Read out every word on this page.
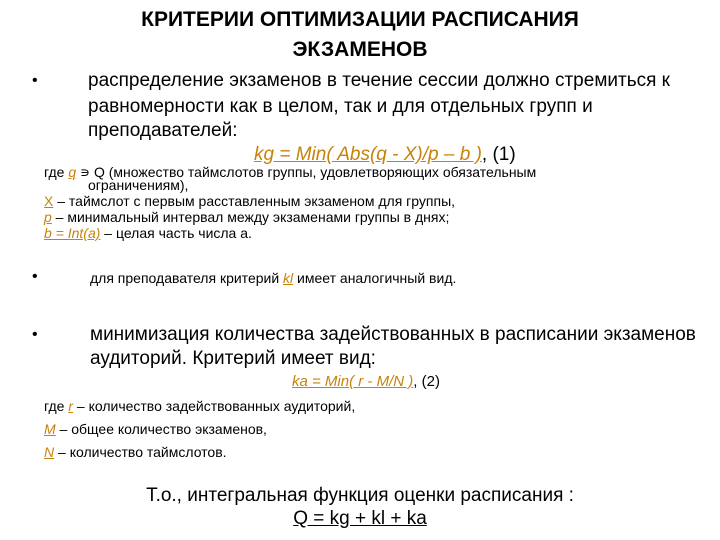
КРИТЕРИИ ОПТИМИЗАЦИИ РАСПИСАНИЯ
ЭКЗАМЕНОВ
•	распределение экзаменов в течение сессии должно стремиться к
равномерности как в целом, так и для отдельных групп и
преподавателей:
kg = Min( Abs(q - X)/p – b ), (1)
где q ∍ Q (множество таймслотов группы, удовлетворяющих обязательным
ограничениям),
X – таймслот с первым расставленным экзаменом для группы,
p – минимальный интервал между экзаменами группы в днях;
b = Int(a) – целая часть числа а.
•	для преподавателя критерий kl имеет аналогичный вид.
•	минимизация количества задействованных в расписании экзаменов
аудиторий. Критерий имеет вид:
ka = Min( r - M/N ), (2)
где r – количество задействованных аудиторий,
M – общее количество экзаменов,
N – количество таймслотов.
Т.о., интегральная функция оценки расписания :
Q = kg + kl + ka
